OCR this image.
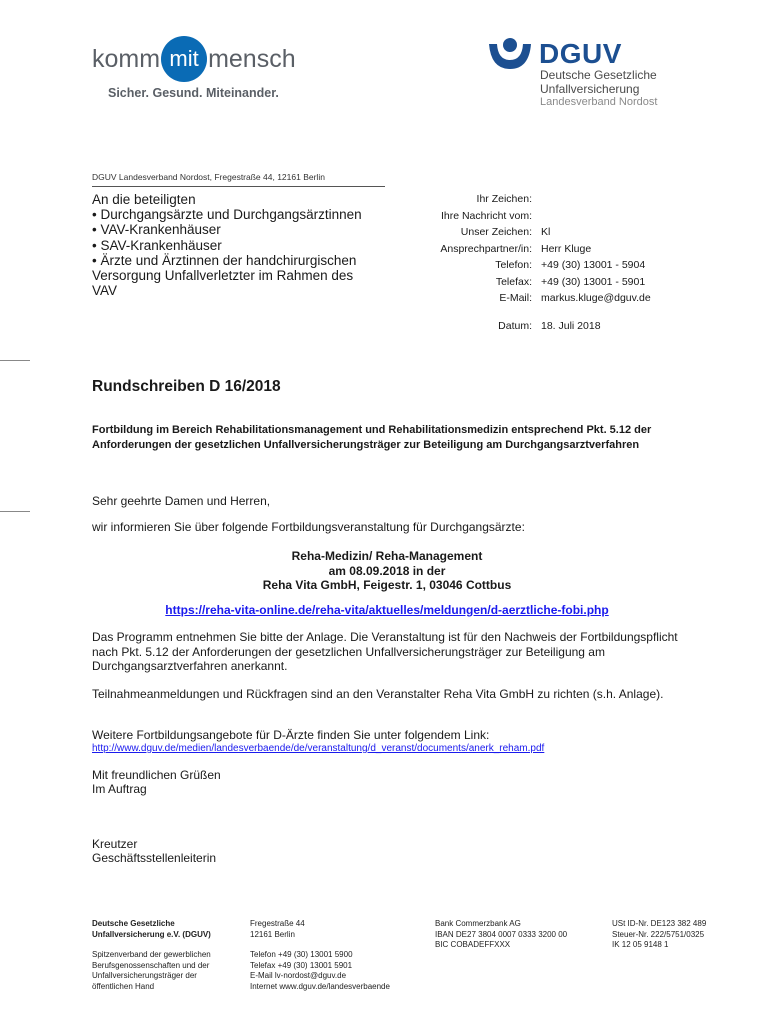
komm mit mensch
Sicher. Gesund. Miteinander.
DGUV
Deutsche Gesetzliche
Unfallversicherung
Landesverband Nordost
DGUV Landesverband Nordost, Fregestraße 44, 12161 Berlin
An die beteiligten
• Durchgangsärzte und Durchgangsärztinnen
• VAV-Krankenhäuser
• SAV-Krankenhäuser
• Ärzte und Ärztinnen der handchirurgischen
Versorgung Unfallverletzter im Rahmen des
VAV
Ihr Zeichen:
Ihre Nachricht vom:
Unser Zeichen:
Ansprechpartner/in:
Telefon:
Telefax:
E-Mail:
Kl
Herr Kluge
+49 (30) 13001 - 5904
+49 (30) 13001 - 5901
markus.kluge@dguv.de
Datum: 18. Juli 2018
Rundschreiben D 16/2018
Fortbildung im Bereich Rehabilitationsmanagement und Rehabilitationsmedizin entsprechend Pkt. 5.12 der Anforderungen der gesetzlichen Unfallversicherungsträger zur Beteiligung am Durchgangsarztverfahren
Sehr geehrte Damen und Herren,
wir informieren Sie über folgende Fortbildungsveranstaltung für Durchgangsärzte:
Reha-Medizin/ Reha-Management
am 08.09.2018 in der
Reha Vita GmbH, Feigestr. 1, 03046 Cottbus
https://reha-vita-online.de/reha-vita/aktuelles/meldungen/d-aerztliche-fobi.php
Das Programm entnehmen Sie bitte der Anlage. Die Veranstaltung ist für den Nachweis der Fortbildungspflicht nach Pkt. 5.12 der Anforderungen der gesetzlichen Unfallversicherungsträger zur Beteiligung am Durchgangsarztverfahren anerkannt.
Teilnahmeanmeldungen und Rückfragen sind an den Veranstalter Reha Vita GmbH zu richten (s.h. Anlage).
Weitere Fortbildungsangebote für D-Ärzte finden Sie unter folgendem Link:
http://www.dguv.de/medien/landesverbaende/de/veranstaltung/d_veranst/documents/anerk_reham.pdf
Mit freundlichen Grüßen
Im Auftrag
Kreutzer
Geschäftsstellenleiterin
Deutsche Gesetzliche
Unfallversicherung e.V. (DGUV)
Spitzenverband der gewerblichen
Berufsgenossenschaften und der
Unfallversicherungsträger der
öffentlichen Hand
Fregestraße 44
12161 Berlin
Telefon +49 (30) 13001 5900
Telefax +49 (30) 13001 5901
E-Mail lv-nordost@dguv.de
Internet www.dguv.de/landesverbaende
Bank Commerzbank AG
IBAN DE27 3804 0007 0333 3200 00
BIC COBADEFFXXX
USt ID-Nr. DE123 382 489
Steuer-Nr. 222/5751/0325
IK 12 05 9148 1
